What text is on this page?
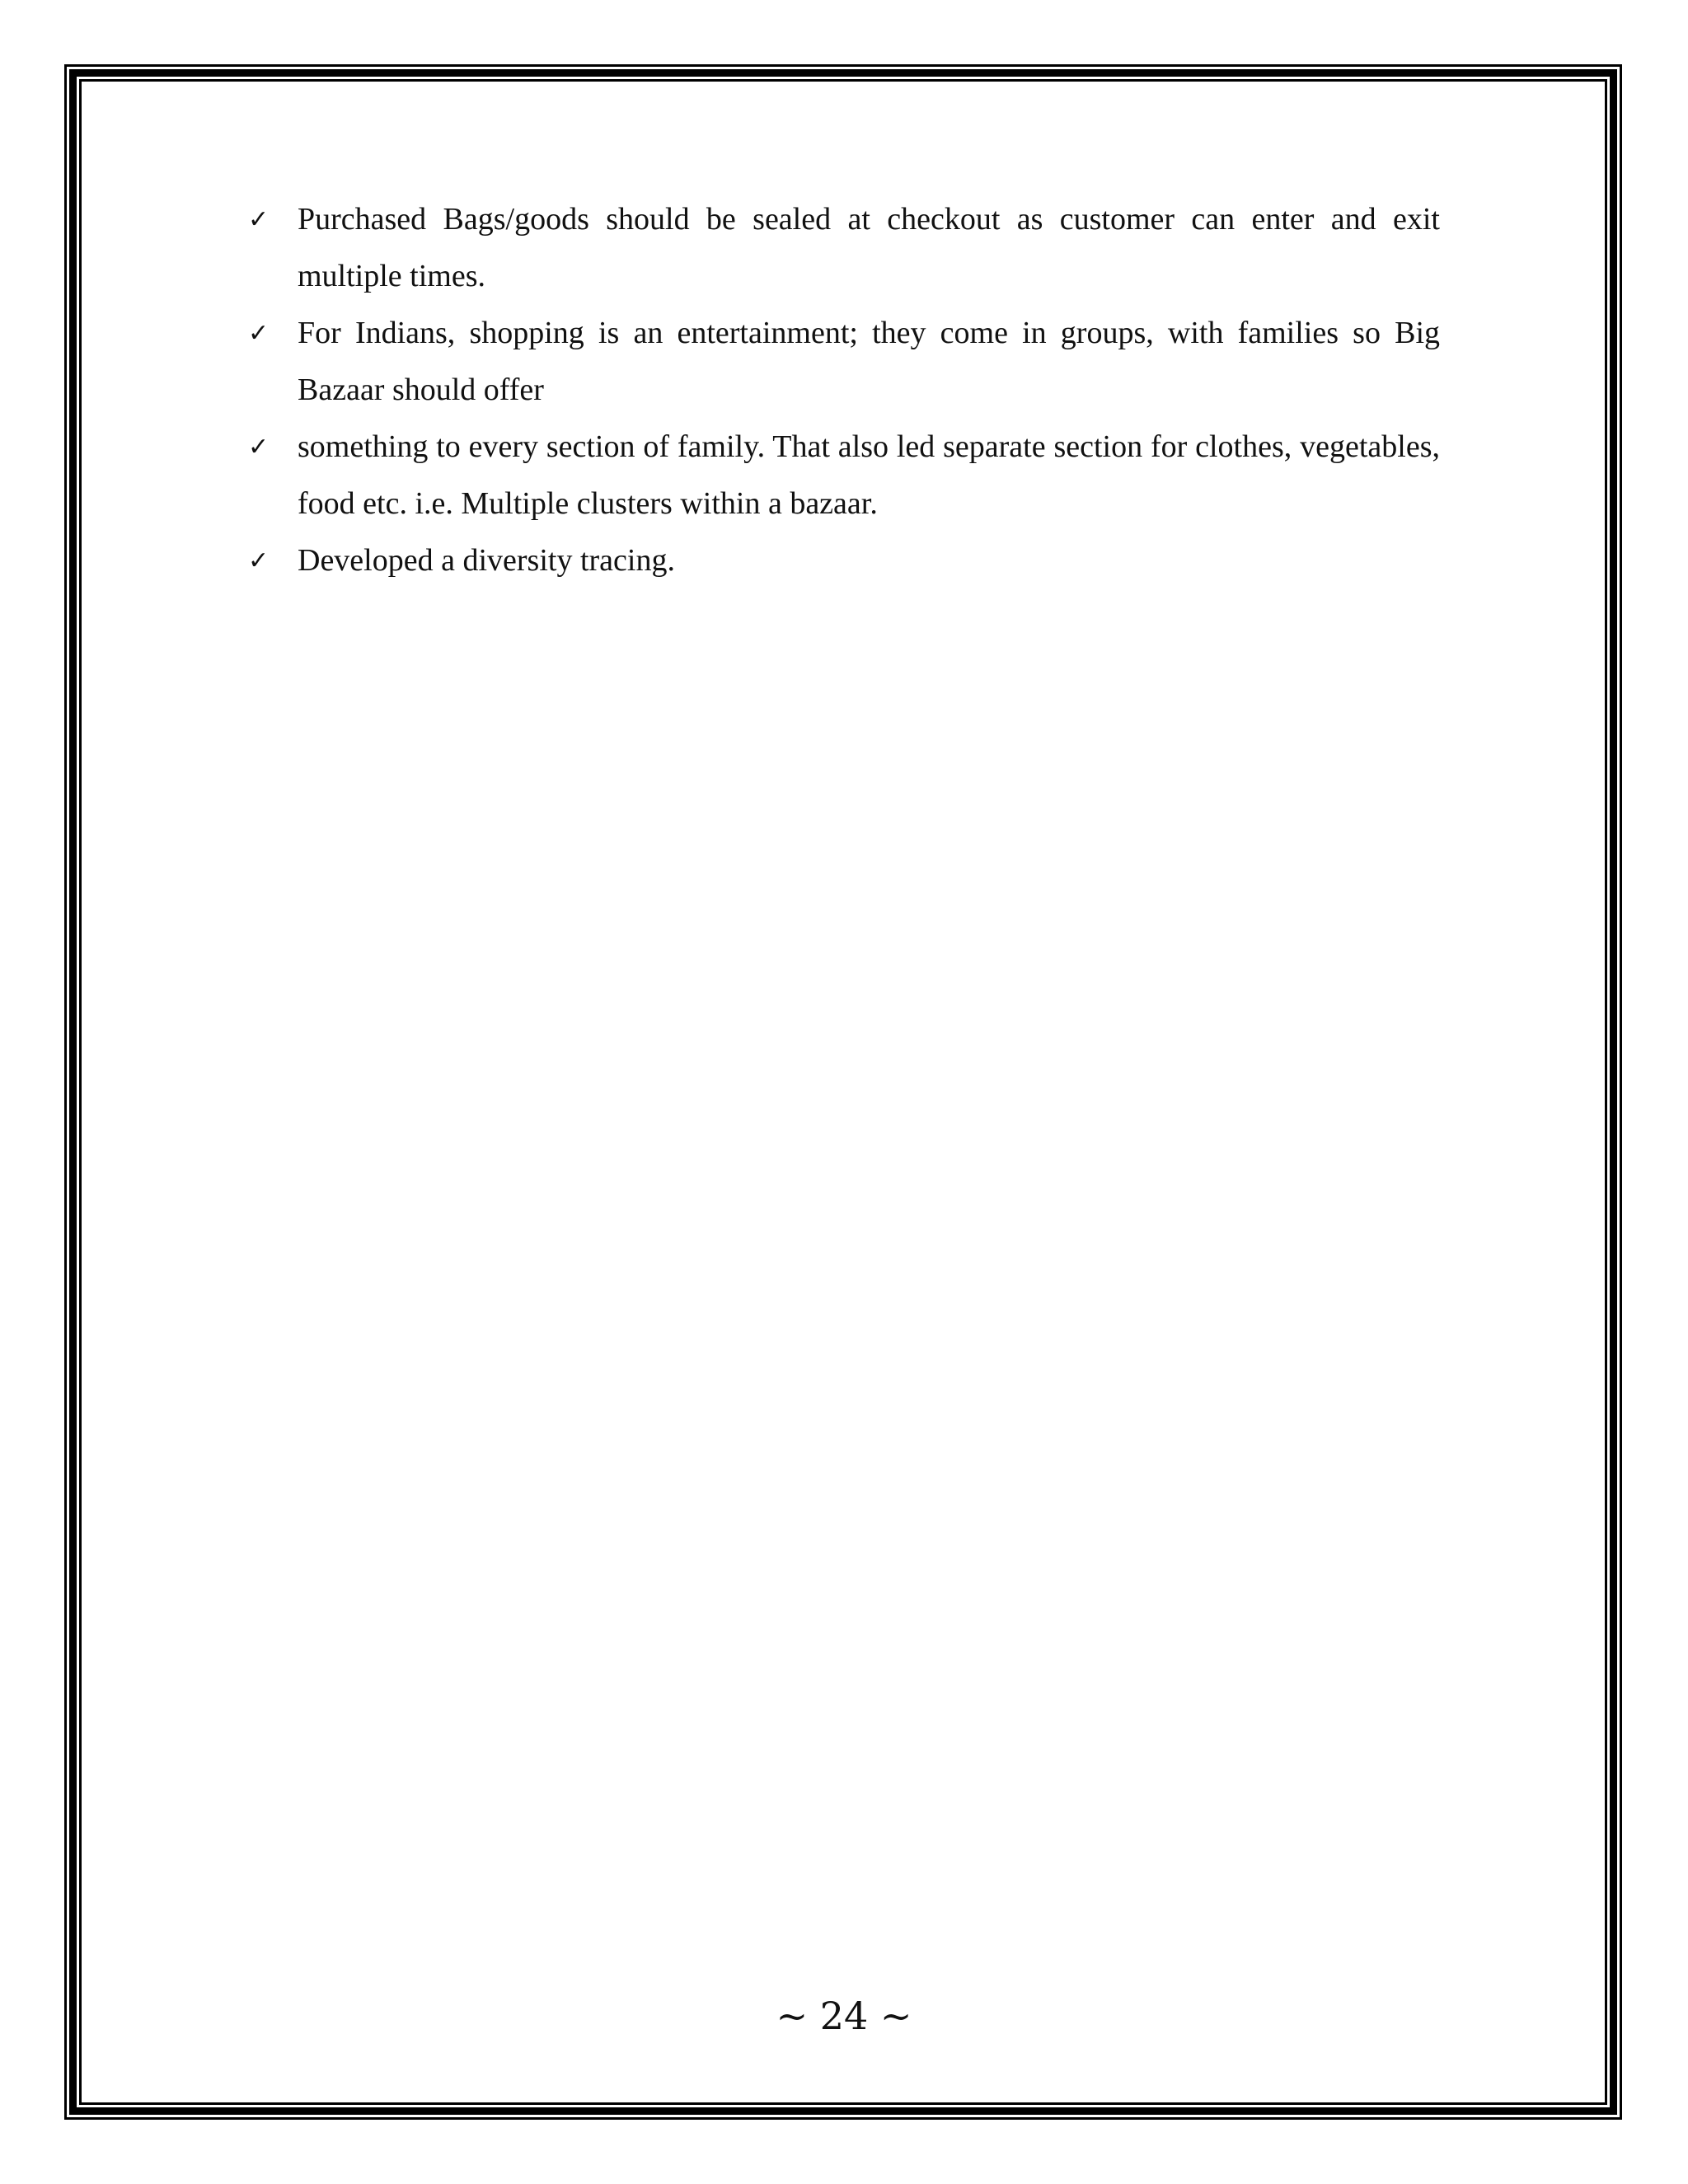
✓ Purchased Bags/goods should be sealed at checkout as customer can enter and exit multiple times.
✓ For Indians, shopping is an entertainment; they come in groups, with families so Big Bazaar should offer
✓ something to every section of family. That also led separate section for clothes, vegetables, food etc. i.e. Multiple clusters within a bazaar.
✓ Developed a diversity tracing.
~ 24 ~
